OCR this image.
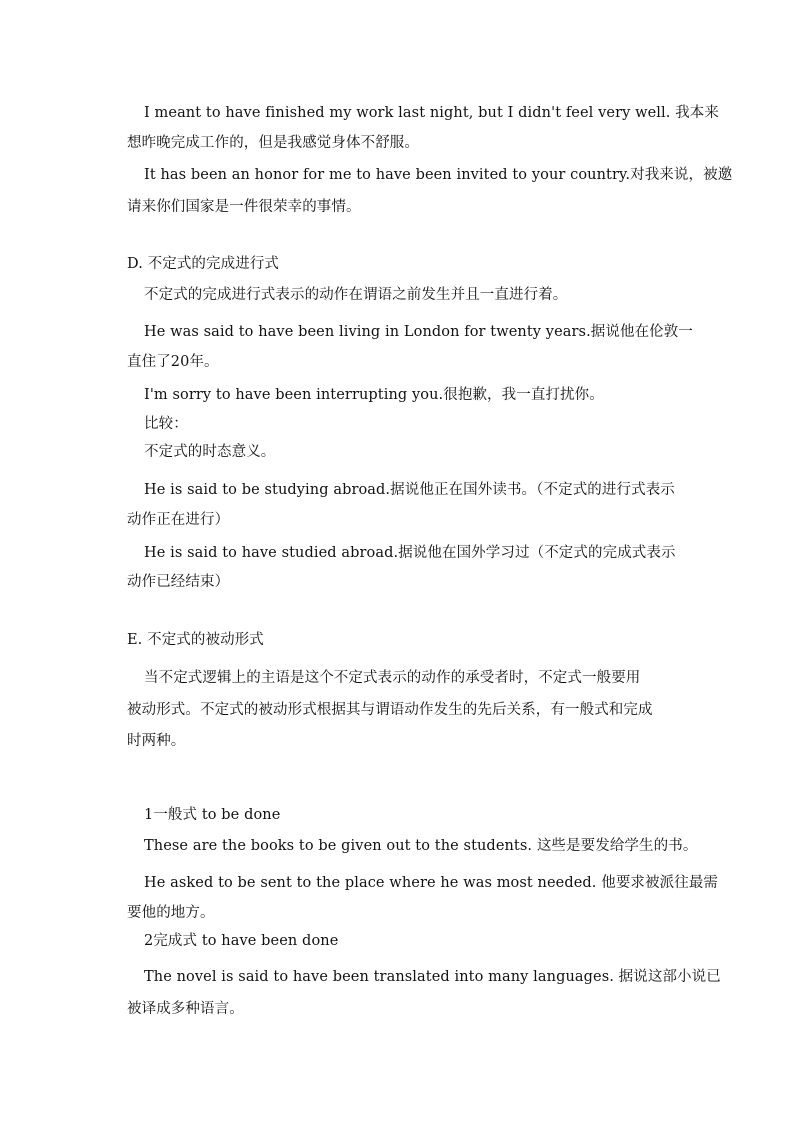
I meant to have finished my work last night, but I didn't feel very well. 我本来
想昨晚完成工作的，但是我感觉身体不舒服。
It has been an honor for me to have been invited to your country.对我来说，被邀
请来你们国家是一件很荣幸的事情。
D. 不定式的完成进行式
不定式的完成进行式表示的动作在谓语之前发生并且一直进行着。
He was said to have been living in London for twenty years.据说他在伦敦一
直住了20年。
I'm sorry to have been interrupting you.很抱歉，我一直打扰你。
比较：
不定式的时态意义。
He is said to be studying abroad.据说他正在国外读书。（不定式的进行式表示
动作正在进行）
He is said to have studied abroad.据说他在国外学习过（不定式的完成式表示
动作已经结束）
E. 不定式的被动形式
当不定式逻辑上的主语是这个不定式表示的动作的承受者时，不定式一般要用
被动形式。不定式的被动形式根据其与谓语动作发生的先后关系，有一般式和完成
时两种。
1一般式 to be done
These are the books to be given out to the students. 这些是要发给学生的书。
He asked to be sent to the place where he was most needed. 他要求被派往最需
要他的地方。
2完成式 to have been done
The novel is said to have been translated into many languages. 据说这部小说已
被译成多种语言。
